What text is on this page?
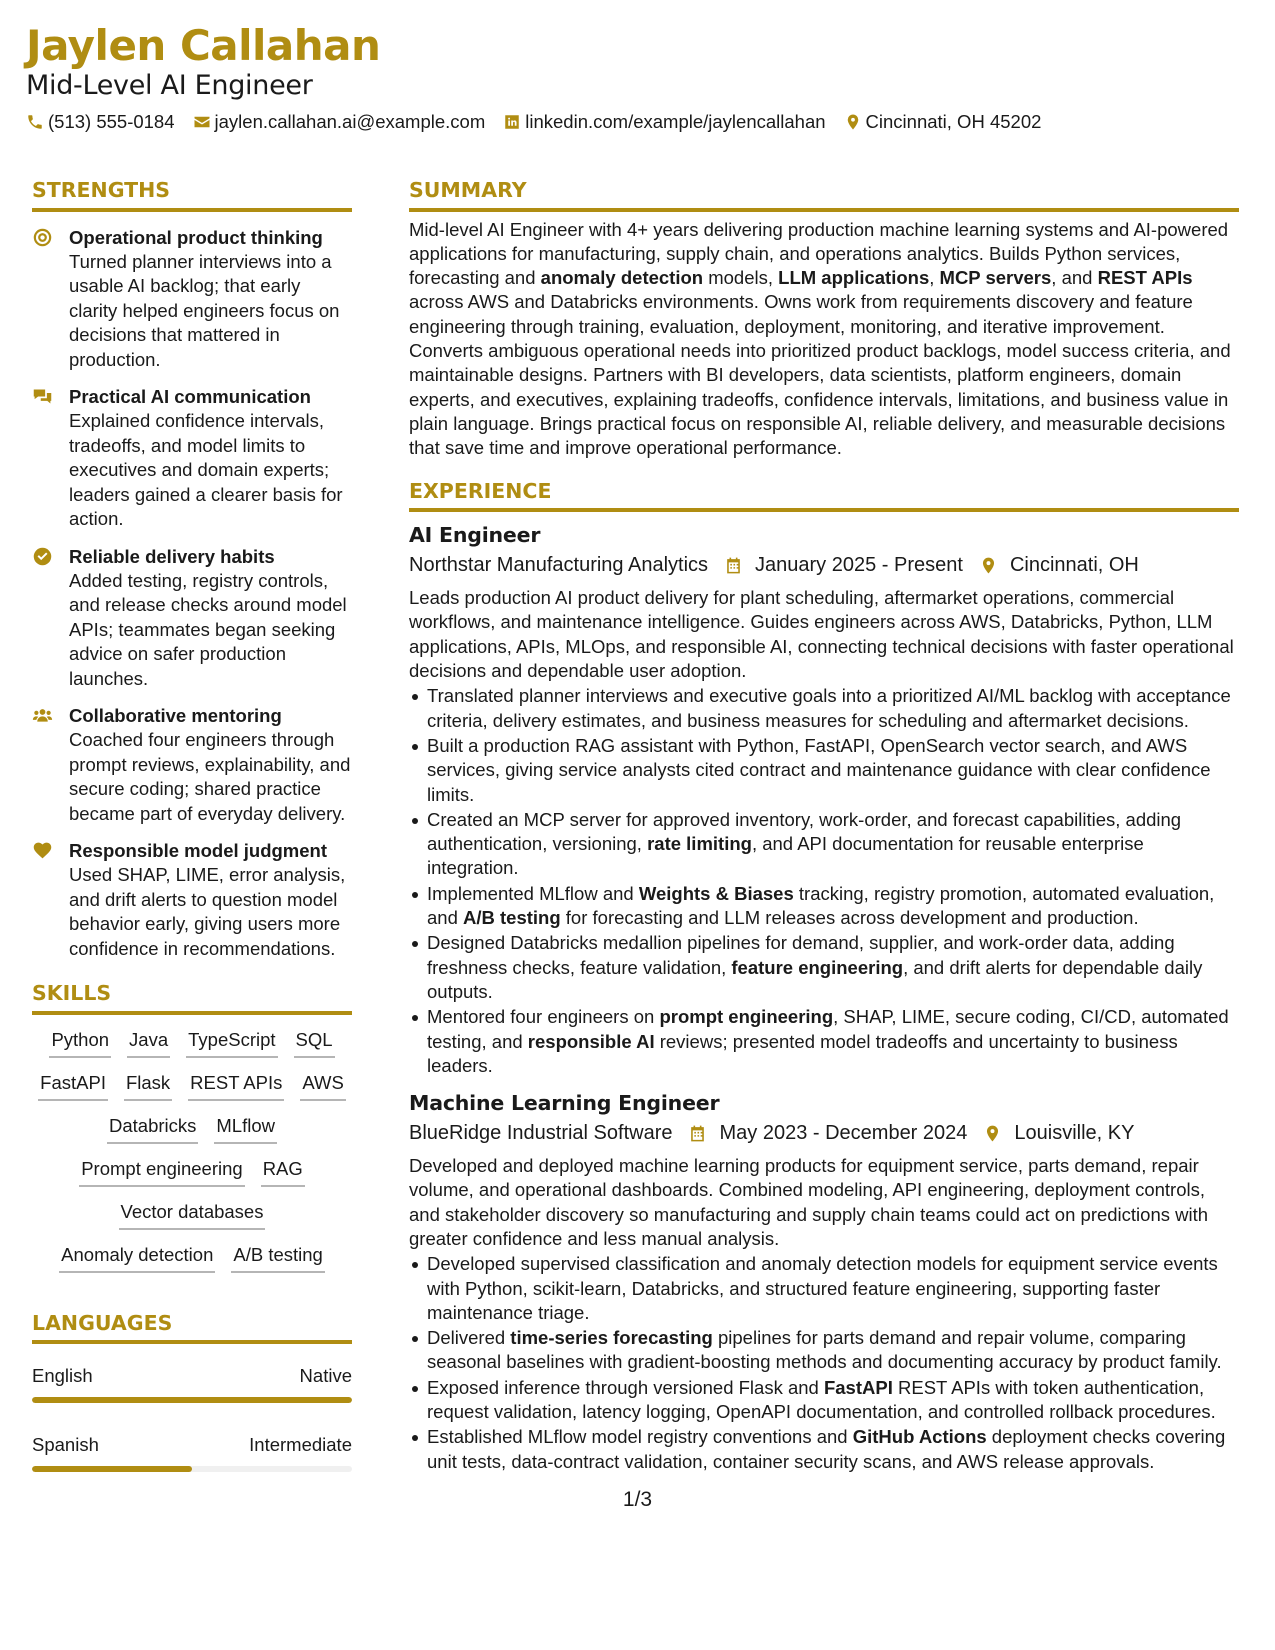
Jaylen Callahan
Mid-Level AI Engineer
(513) 555-0184 jaylen.callahan.ai@example.com linkedin.com/example/jaylencallahan Cincinnati, OH 45202
STRENGTHS
Operational product thinking
Turned planner interviews into a usable AI backlog; that early clarity helped engineers focus on decisions that mattered in production.
Practical AI communication
Explained confidence intervals, tradeoffs, and model limits to executives and domain experts; leaders gained a clearer basis for action.
Reliable delivery habits
Added testing, registry controls, and release checks around model APIs; teammates began seeking advice on safer production launches.
Collaborative mentoring
Coached four engineers through prompt reviews, explainability, and secure coding; shared practice became part of everyday delivery.
Responsible model judgment
Used SHAP, LIME, error analysis, and drift alerts to question model behavior early, giving users more confidence in recommendations.
SKILLS
Python Java TypeScript SQL
FastAPI Flask REST APIs AWS
Databricks MLflow
Prompt engineering RAG
Vector databases
Anomaly detection A/B testing
LANGUAGES
English	Native
Spanish	Intermediate
SUMMARY
Mid-level AI Engineer with 4+ years delivering production machine learning systems and AI-powered applications for manufacturing, supply chain, and operations analytics. Builds Python services, forecasting and anomaly detection models, LLM applications, MCP servers, and REST APIs across AWS and Databricks environments. Owns work from requirements discovery and feature engineering through training, evaluation, deployment, monitoring, and iterative improvement. Converts ambiguous operational needs into prioritized product backlogs, model success criteria, and maintainable designs. Partners with BI developers, data scientists, platform engineers, domain experts, and executives, explaining tradeoffs, confidence intervals, limitations, and business value in plain language. Brings practical focus on responsible AI, reliable delivery, and measurable decisions that save time and improve operational performance.
EXPERIENCE
AI Engineer
Northstar Manufacturing Analytics January 2025 - Present Cincinnati, OH
Leads production AI product delivery for plant scheduling, aftermarket operations, commercial workflows, and maintenance intelligence. Guides engineers across AWS, Databricks, Python, LLM applications, APIs, MLOps, and responsible AI, connecting technical decisions with faster operational decisions and dependable user adoption.
Translated planner interviews and executive goals into a prioritized AI/ML backlog with acceptance criteria, delivery estimates, and business measures for scheduling and aftermarket decisions.
Built a production RAG assistant with Python, FastAPI, OpenSearch vector search, and AWS services, giving service analysts cited contract and maintenance guidance with clear confidence limits.
Created an MCP server for approved inventory, work-order, and forecast capabilities, adding authentication, versioning, rate limiting, and API documentation for reusable enterprise integration.
Implemented MLflow and Weights & Biases tracking, registry promotion, automated evaluation, and A/B testing for forecasting and LLM releases across development and production.
Designed Databricks medallion pipelines for demand, supplier, and work-order data, adding freshness checks, feature validation, feature engineering, and drift alerts for dependable daily outputs.
Mentored four engineers on prompt engineering, SHAP, LIME, secure coding, CI/CD, automated testing, and responsible AI reviews; presented model tradeoffs and uncertainty to business leaders.
Machine Learning Engineer
BlueRidge Industrial Software May 2023 - December 2024 Louisville, KY
Developed and deployed machine learning products for equipment service, parts demand, repair volume, and operational dashboards. Combined modeling, API engineering, deployment controls, and stakeholder discovery so manufacturing and supply chain teams could act on predictions with greater confidence and less manual analysis.
Developed supervised classification and anomaly detection models for equipment service events with Python, scikit-learn, Databricks, and structured feature engineering, supporting faster maintenance triage.
Delivered time-series forecasting pipelines for parts demand and repair volume, comparing seasonal baselines with gradient-boosting methods and documenting accuracy by product family.
Exposed inference through versioned Flask and FastAPI REST APIs with token authentication, request validation, latency logging, OpenAPI documentation, and controlled rollback procedures.
Established MLflow model registry conventions and GitHub Actions deployment checks covering unit tests, data-contract validation, container security scans, and AWS release approvals.
1/3
